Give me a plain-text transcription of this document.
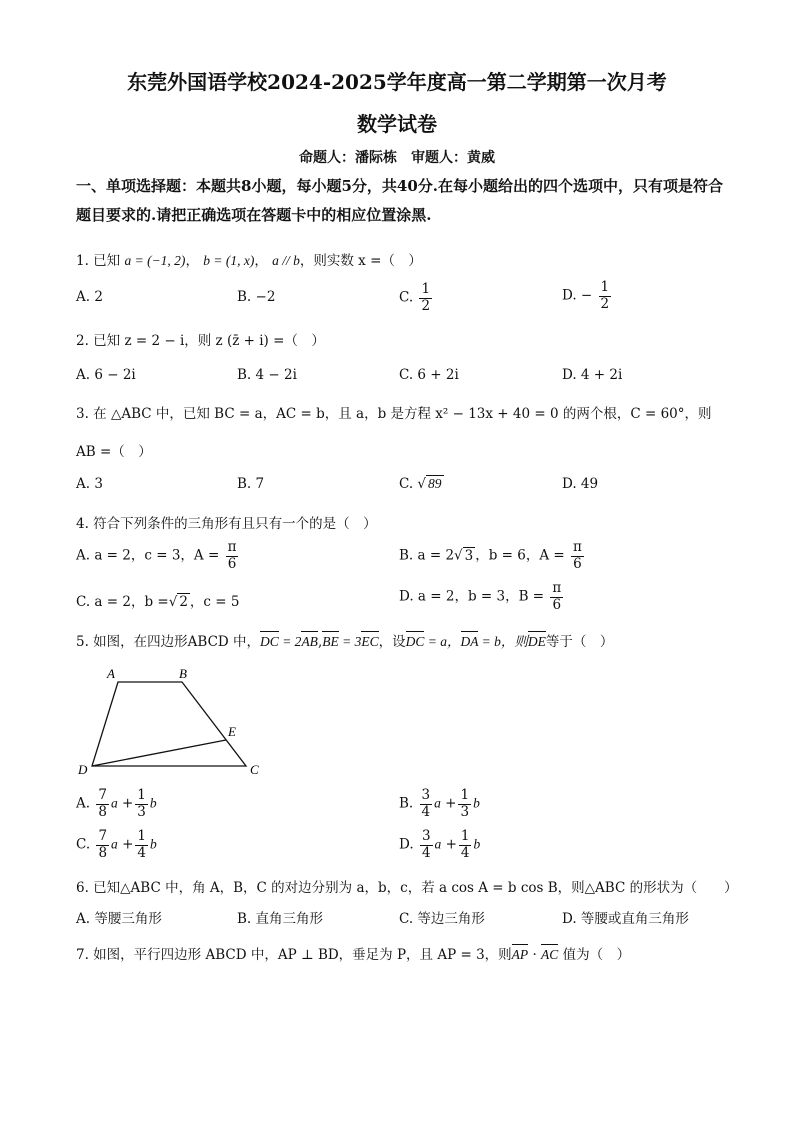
东莞外国语学校2024-2025学年度高一第二学期第一次月考
数学试卷
命题人：潘际栋　审题人：黄威
一、单项选择题：本题共8小题，每小题5分，共40分.在每小题给出的四个选项中，只有项是符合题目要求的.请把正确选项在答题卡中的相应位置涂黑.
1. 已知 a = (−1, 2)， b = (1, x)， a // b，则实数 x =（　）
A. 2	B. −2	C. $\frac{1}{2}$	D. − $\frac{1}{2}$
2. 已知 z = 2 − i，则 z (z̄ + i) =（　）
A. 6 − 2i	B. 4 − 2i	C. 6 + 2i	D. 4 + 2i
3. 在 △ABC 中，已知 BC = a，AC = b，且 a，b 是方程 x² − 13x + 40 = 0 的两个根，C = 60°，则
AB =（　）
A. 3	B. 7	C. √ 89	D. 49
4. 符合下列条件的三角形有且只有一个的是（　）
A. a = 2，c = 3，$A = \frac{\pi}{6}$	B. a = 2√ 3 ，b = 6，$A = \frac{\pi}{6}$
C. a = 2，b =√ 2 ，c = 5	D. a = 2，b = 3，$B = \frac{\pi}{6}$
5. 如图，在四边形ABCD 中，DC = 2AB,BE = 3EC，设DC = a，DA = b，则DE等于（　）
A	B
C
D
E
A. $\frac{7}{8}$ $a + \frac{1}{3}$ b	B. $\frac{3}{4}$ $a + \frac{1}{3}$ b
C. $\frac{7}{8}$ $a + \frac{1}{4}$ b	D. $\frac{3}{4}$ $a + \frac{1}{4}$ b
6. 已知△ABC 中，角 A，B，C 的对边分别为 a，b，c，若 a cos A = b cos B，则△ABC 的形状为（　　）
A. 等腰三角形	B. 直角三角形	C. 等边三角形	D. 等腰或直角三角形
7. 如图，平行四边形 ABCD 中，AP ⊥ BD，垂足为 P，且 AP = 3，则AP · AC 值为（　）
